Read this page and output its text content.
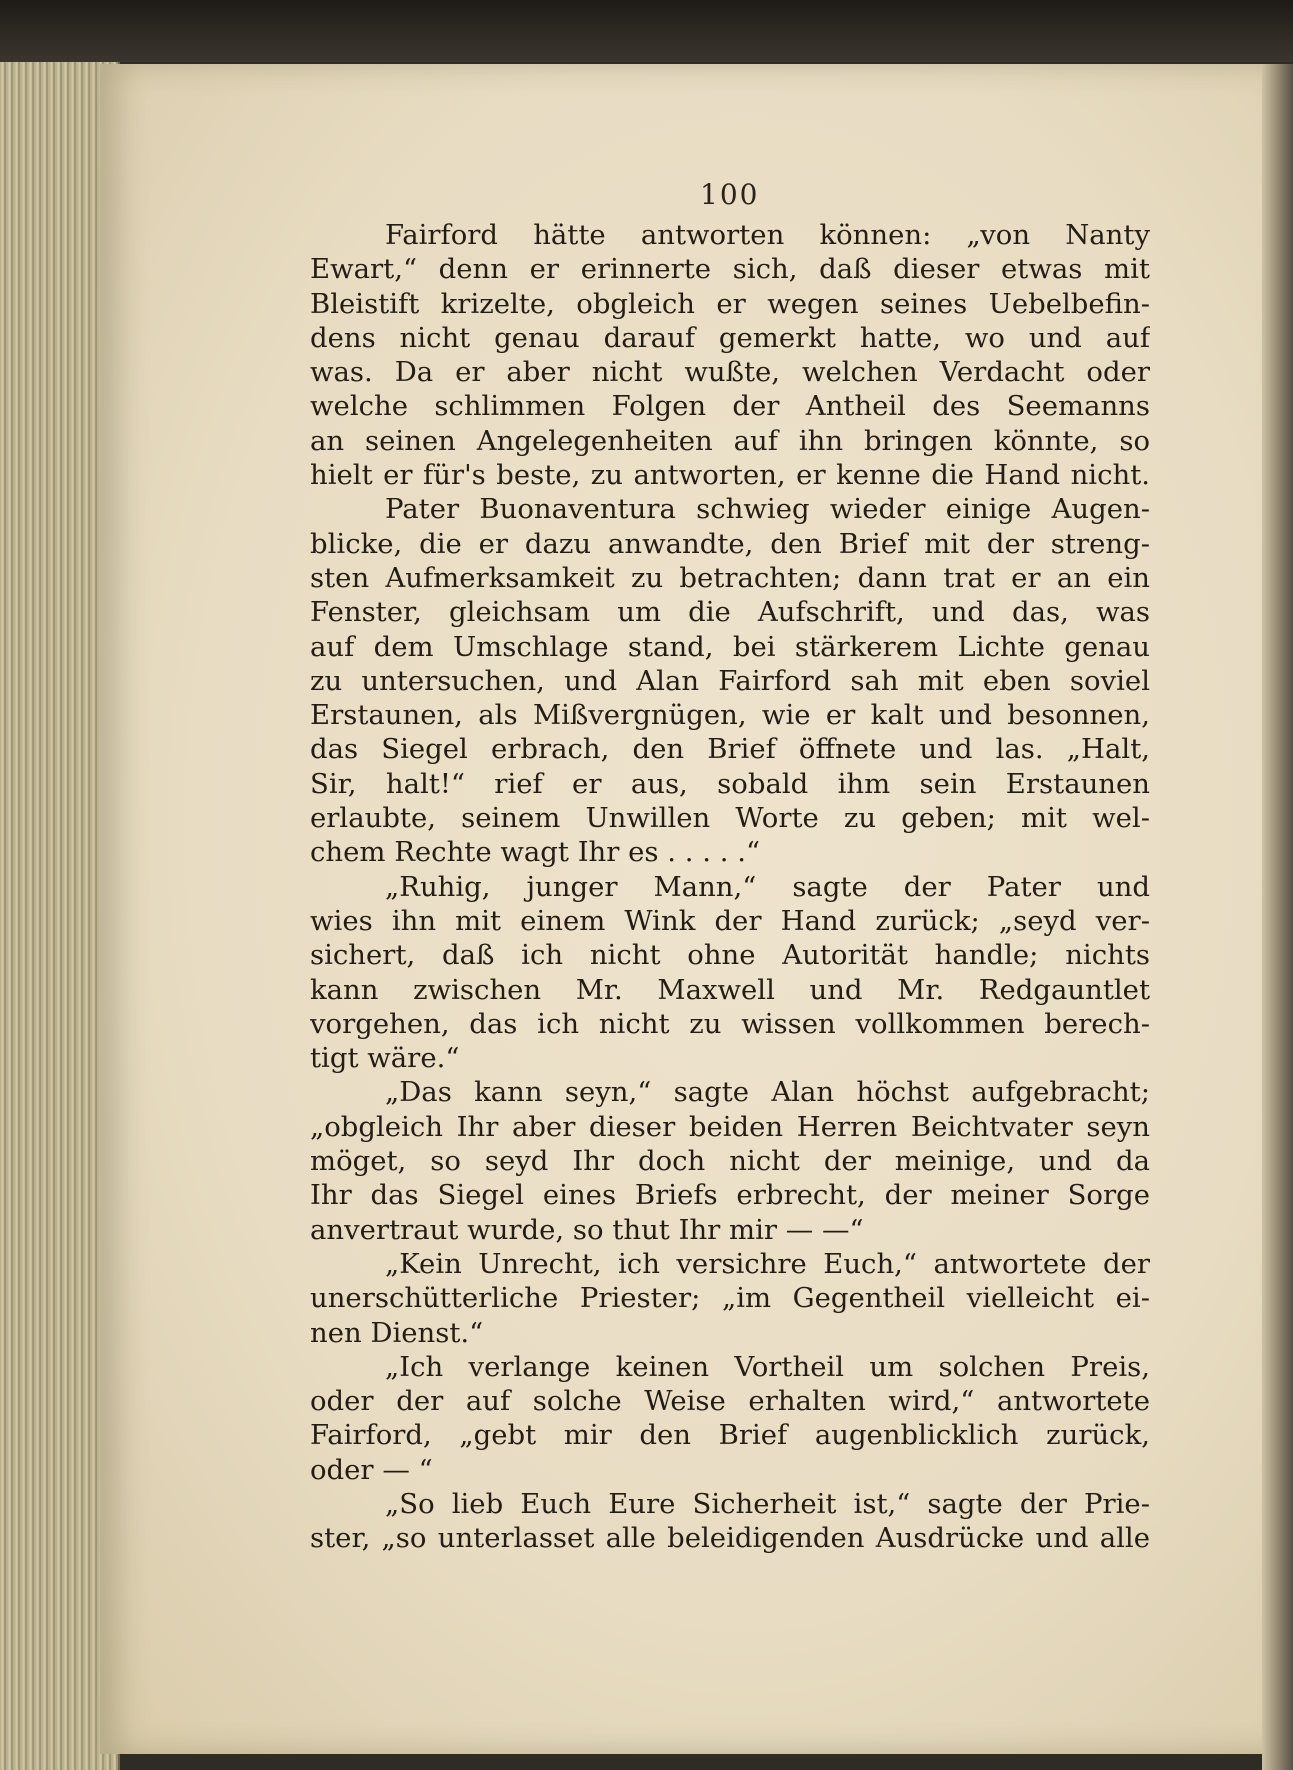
100
Fairford hätte antworten können: „von Nanty
Ewart,“ denn er erinnerte sich, daß dieser etwas mit
Bleistift krizelte, obgleich er wegen seines Uebelbefin-
dens nicht genau darauf gemerkt hatte, wo und auf
was. Da er aber nicht wußte, welchen Verdacht oder
welche schlimmen Folgen der Antheil des Seemanns
an seinen Angelegenheiten auf ihn bringen könnte, so
hielt er für's beste, zu antworten, er kenne die Hand nicht.
Pater Buonaventura schwieg wieder einige Augen-
blicke, die er dazu anwandte, den Brief mit der streng-
sten Aufmerksamkeit zu betrachten; dann trat er an ein
Fenster, gleichsam um die Aufschrift, und das, was
auf dem Umschlage stand, bei stärkerem Lichte genau
zu untersuchen, und Alan Fairford sah mit eben soviel
Erstaunen, als Mißvergnügen, wie er kalt und besonnen,
das Siegel erbrach, den Brief öffnete und las. „Halt,
Sir, halt!“ rief er aus, sobald ihm sein Erstaunen
erlaubte, seinem Unwillen Worte zu geben; mit wel-
chem Rechte wagt Ihr es . . . . .“
„Ruhig, junger Mann,“ sagte der Pater und
wies ihn mit einem Wink der Hand zurück; „seyd ver-
sichert, daß ich nicht ohne Autorität handle; nichts
kann zwischen Mr. Maxwell und Mr. Redgauntlet
vorgehen, das ich nicht zu wissen vollkommen berech-
tigt wäre.“
„Das kann seyn,“ sagte Alan höchst aufgebracht;
„obgleich Ihr aber dieser beiden Herren Beichtvater seyn
möget, so seyd Ihr doch nicht der meinige, und da
Ihr das Siegel eines Briefs erbrecht, der meiner Sorge
anvertraut wurde, so thut Ihr mir — —“
„Kein Unrecht, ich versichre Euch,“ antwortete der
unerschütterliche Priester; „im Gegentheil vielleicht ei-
nen Dienst.“
„Ich verlange keinen Vortheil um solchen Preis,
oder der auf solche Weise erhalten wird,“ antwortete
Fairford, „gebt mir den Brief augenblicklich zurück,
oder — “
„So lieb Euch Eure Sicherheit ist,“ sagte der Prie-
ster, „so unterlasset alle beleidigenden Ausdrücke und alle
